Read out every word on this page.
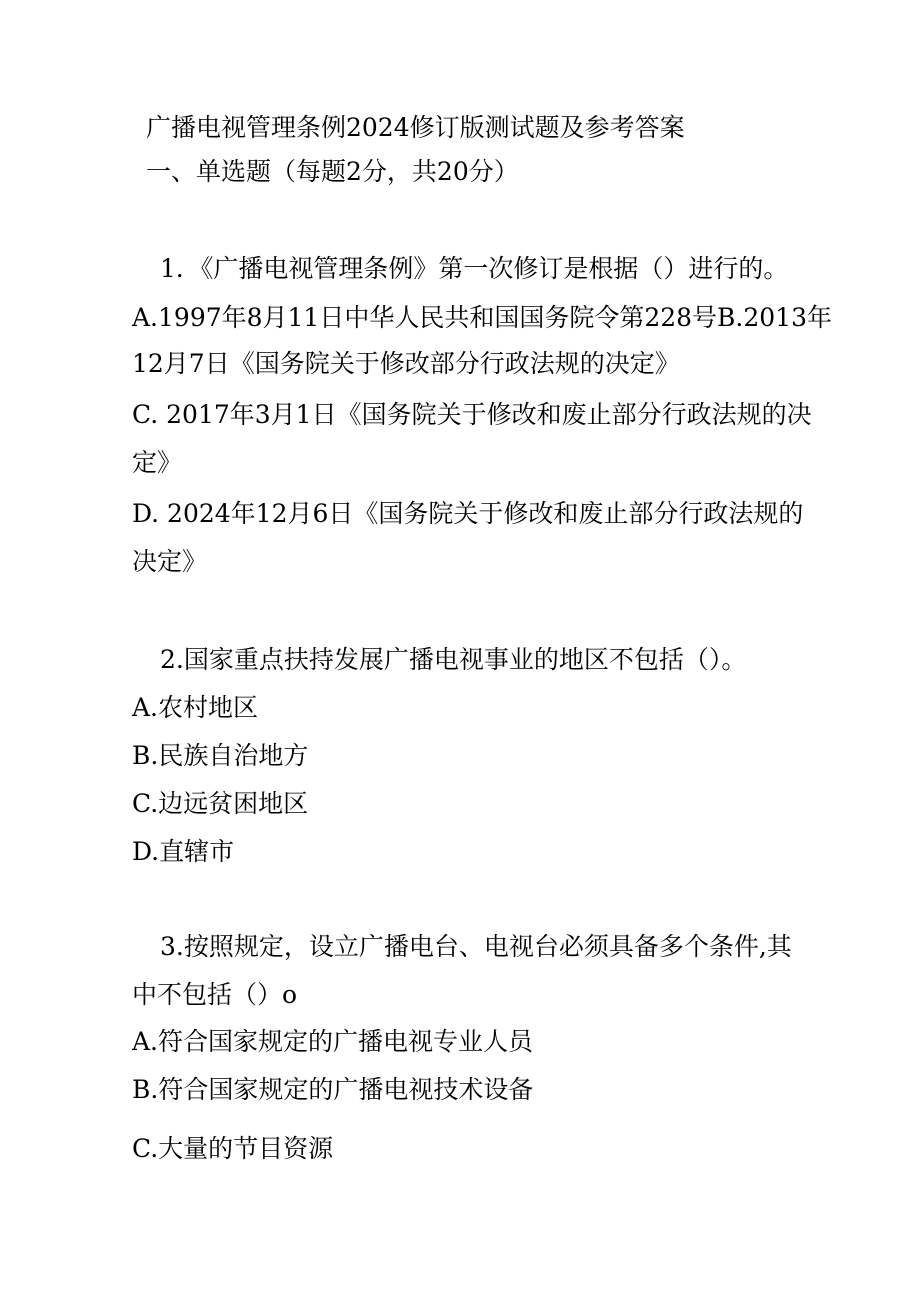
广播电视管理条例2024修订版测试题及参考答案
一、单选题（每题2分，共20分）
1．《广播电视管理条例》第一次修订是根据（）进行的。
A.1997年8月11日中华人民共和国国务院令第228号B.2013年
12月7日《国务院关于修改部分行政法规的决定》
C. 2017年3月1日《国务院关于修改和废止部分行政法规的决
定》
D. 2024年12月6日《国务院关于修改和废止部分行政法规的
决定》
2.国家重点扶持发展广播电视事业的地区不包括（）。
A.农村地区
B.民族自治地方
C.边远贫困地区
D.直辖市
3.按照规定，设立广播电台、电视台必须具备多个条件,其
中不包括（）o
A.符合国家规定的广播电视专业人员
B.符合国家规定的广播电视技术设备
C.大量的节目资源
